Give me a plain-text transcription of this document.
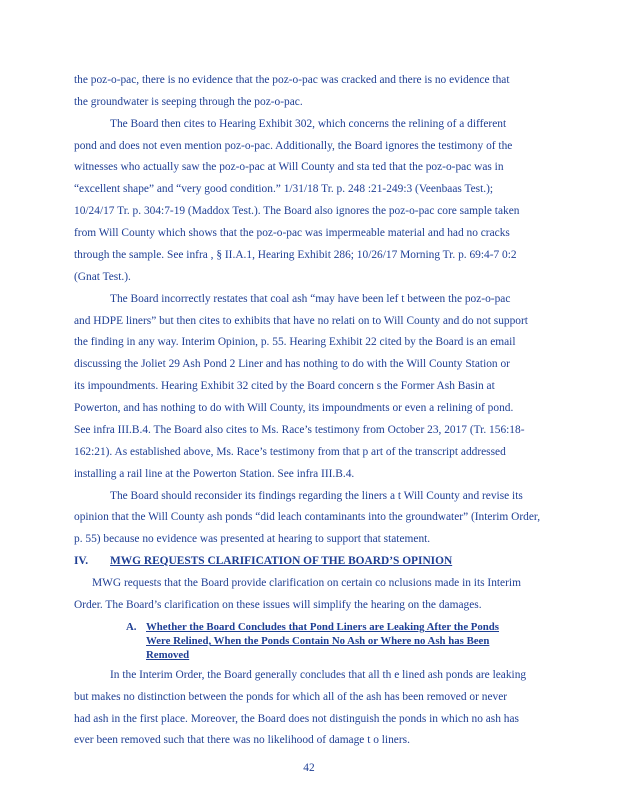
the poz-o-pac, there is no evidence that the poz-o-pac was cracked and there is no evidence that
the groundwater is seeping through the poz-o-pac.
The Board then cites to Hearing Exhibit 302, which concerns the relining of a different
pond and does not even mention poz-o-pac. Additionally, the Board ignores the testimony of the
witnesses who actually saw the poz-o-pac at Will County and sta ted that the poz-o-pac was in
“excellent shape” and “very good condition.” 1/31/18 Tr. p. 248 :21-249:3 (Veenbaas Test.);
10/24/17 Tr. p. 304:7-19 (Maddox Test.). The Board also ignores the poz-o-pac core sample taken
from Will County which shows that the poz-o-pac was impermeable material and had no cracks
through the sample. See infra , § II.A.1, Hearing Exhibit 286; 10/26/17 Morning Tr. p. 69:4-7 0:2
(Gnat Test.).
The Board incorrectly restates that coal ash “may have been lef t between the poz-o-pac
and HDPE liners” but then cites to exhibits that have no relati on to Will County and do not support
the finding in any way. Interim Opinion, p. 55. Hearing Exhibit 22 cited by the Board is an email
discussing the Joliet 29 Ash Pond 2 Liner and has nothing to do with the Will County Station or
its impoundments. Hearing Exhibit 32 cited by the Board concern s the Former Ash Basin at
Powerton, and has nothing to do with Will County, its impoundments or even a relining of pond.
See infra III.B.4. The Board also cites to Ms. Race’s testimony from October 23, 2017 (Tr. 156:18-
162:21). As established above, Ms. Race’s testimony from that p art of the transcript addressed
installing a rail line at the Powerton Station. See infra III.B.4.
The Board should reconsider its findings regarding the liners a t Will County and revise its
opinion that the Will County ash ponds “did leach contaminants into the groundwater” (Interim Order,
p. 55) because no evidence was presented at hearing to support that statement.
IV. MWG REQUESTS CLARIFICATION OF THE BOARD’S OPINION
MWG requests that the Board provide clarification on certain co nclusions made in its Interim
Order. The Board’s clarification on these issues will simplify the hearing on the damages.
A. Whether the Board Concludes that Pond Liners are Leaking After the Ponds
Were Relined, When the Ponds Contain No Ash or Where no Ash has Been
Removed
In the Interim Order, the Board generally concludes that all th e lined ash ponds are leaking
but makes no distinction between the ponds for which all of the ash has been removed or never
had ash in the first place. Moreover, the Board does not distinguish the ponds in which no ash has
ever been removed such that there was no likelihood of damage t o liners.
42
